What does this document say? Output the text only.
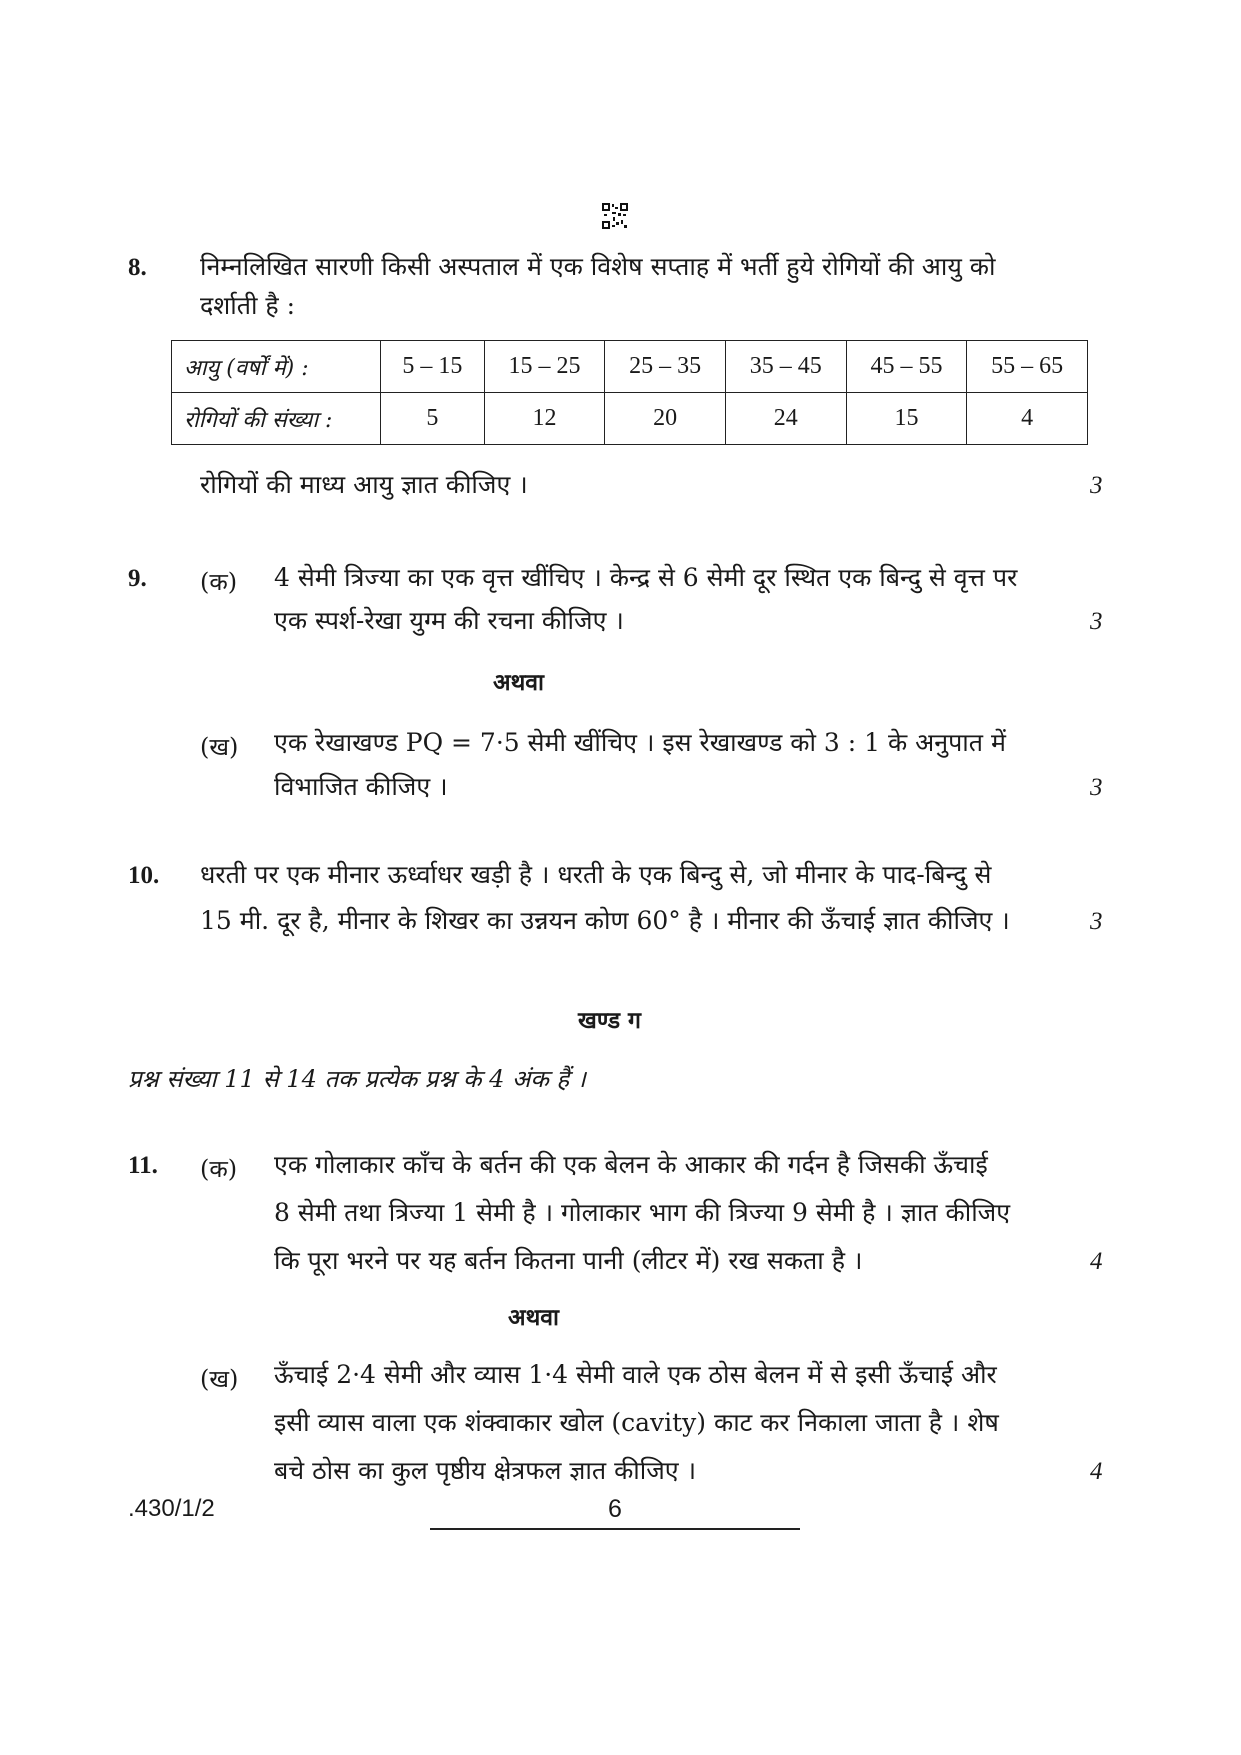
8. निम्नलिखित सारणी किसी अस्पताल में एक विशेष सप्ताह में भर्ती हुये रोगियों की आयु को
दर्शाती है :
आयु (वर्षों में) :	5 – 15	15 – 25	25 – 35	35 – 45	45 – 55	55 – 65
रोगियों की संख्या :	5	12	20	24	15	4
रोगियों की माध्य आयु ज्ञात कीजिए ।	3
9. (क) 4 सेमी त्रिज्या का एक वृत्त खींचिए । केन्द्र से 6 सेमी दूर स्थित एक बिन्दु से वृत्त पर
एक स्पर्श-रेखा युग्म की रचना कीजिए ।	3
अथवा
(ख) एक रेखाखण्ड PQ = 7·5 सेमी खींचिए । इस रेखाखण्ड को 3 : 1 के अनुपात में
विभाजित कीजिए ।	3
10. धरती पर एक मीनार ऊर्ध्वाधर खड़ी है । धरती के एक बिन्दु से, जो मीनार के पाद-बिन्दु से
15 मी. दूर है, मीनार के शिखर का उन्नयन कोण 60° है । मीनार की ऊँचाई ज्ञात कीजिए ।	3
खण्ड ग
प्रश्न संख्या 11 से 14 तक प्रत्येक प्रश्न के 4 अंक हैं ।
11. (क) एक गोलाकार काँच के बर्तन की एक बेलन के आकार की गर्दन है जिसकी ऊँचाई
8 सेमी तथा त्रिज्या 1 सेमी है । गोलाकार भाग की त्रिज्या 9 सेमी है । ज्ञात कीजिए
कि पूरा भरने पर यह बर्तन कितना पानी (लीटर में) रख सकता है ।	4
अथवा
(ख) ऊँचाई 2·4 सेमी और व्यास 1·4 सेमी वाले एक ठोस बेलन में से इसी ऊँचाई और
इसी व्यास वाला एक शंक्वाकार खोल (cavity) काट कर निकाला जाता है । शेष
बचे ठोस का कुल पृष्ठीय क्षेत्रफल ज्ञात कीजिए ।	4
.430/1/2	6
